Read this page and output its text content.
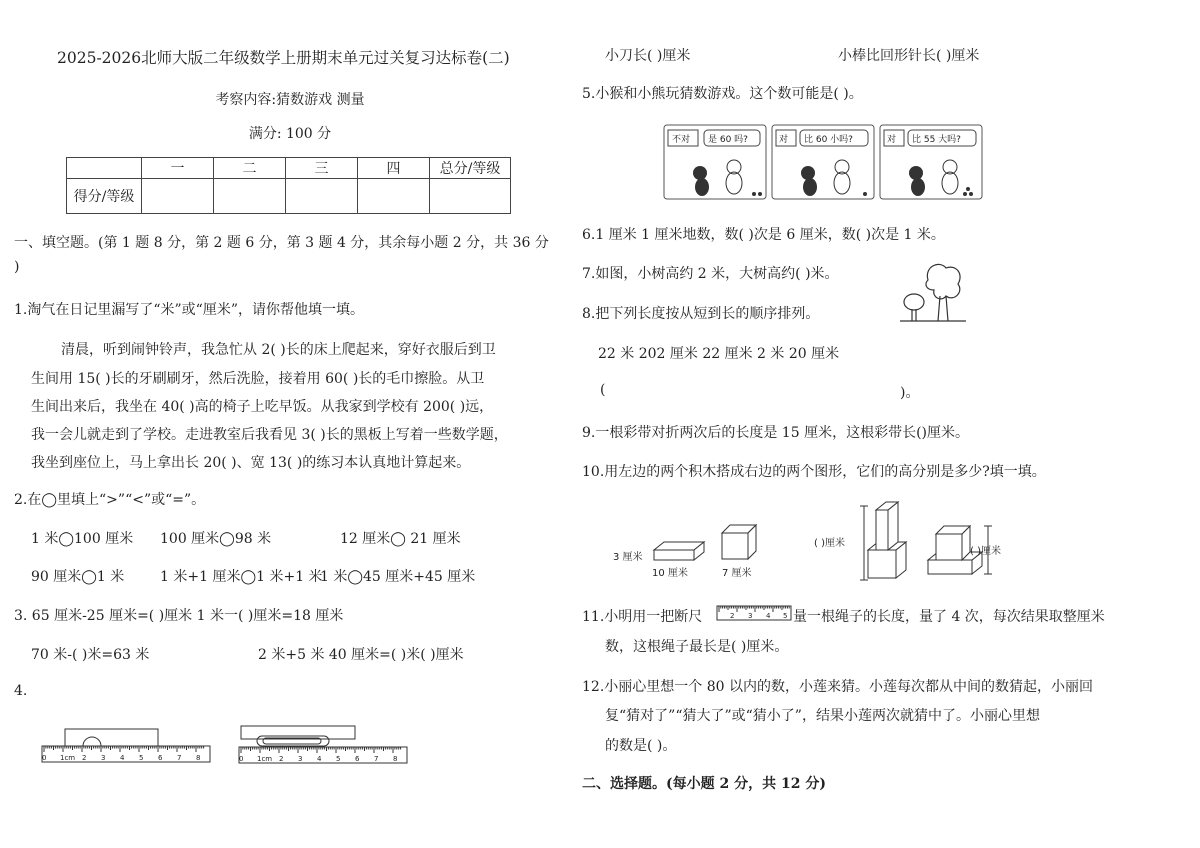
2025-2026北师大版二年级数学上册期末单元过关复习达标卷(二)
考察内容:猜数游戏 测量
满分: 100 分
	一	二	三	四	总分/等级
得分/等级					
一、填空题。(第 1 题 8 分，第 2 题 6 分，第 3 题 4 分，其余每小题 2 分，共 36 分
)
1.淘气在日记里漏写了“米”或“厘米”，请你帮他填一填。
清晨，听到闹钟铃声，我急忙从 2( )长的床上爬起来，穿好衣服后到卫
生间用 15( )长的牙刷刷牙，然后洗脸，接着用 60( )长的毛巾擦脸。从卫
生间出来后，我坐在 40( )高的椅子上吃早饭。从我家到学校有 200( )远，
我一会儿就走到了学校。走进教室后我看见 3( )长的黑板上写着一些数学题，
我坐到座位上，马上拿出长 20( )、宽 13( )的练习本认真地计算起来。
2.在◯里填上“>”“<”或“=”。
1 米◯100 厘米 100 厘米◯98 米	12 厘米◯ 21 厘米
90 厘米◯1 米	1 米+1 厘米◯1 米+1 米
1 米◯45 厘米+45 厘米
3. 65 厘米-25 厘米=( )厘米 1 米一( )厘米=18 厘米
70 米-( )米=63 米	2 米+5 米 40 厘米=( )米( )厘米
4.
0 1cm 2 3 4 5 6 7 8	0 1cm 2 3 4 5 6 7 8
小刀长( )厘米	小棒比回形针长( )厘米
5.小猴和小熊玩猜数游戏。这个数可能是( )。
不对 是 60 吗?	对 比 60 小吗?	对 比 55 大吗?
6.1 厘米 1 厘米地数，数( )次是 6 厘米，数( )次是 1 米。
7.如图，小树高约 2 米，大树高约( )米。
8.把下列长度按从短到长的顺序排列。
22 米 202 厘米 22 厘米 2 米 20 厘米
(	)。
9.一根彩带对折两次后的长度是 15 厘米，这根彩带长()厘米。
10.用左边的两个积木搭成右边的两个图形，它们的高分别是多少?填一填。
3 厘米
10 厘米	7 厘米
( )厘米
( )厘米
11.小明用一把断尺	2 3 4 5 量一根绳子的长度，量了 4 次，每次结果取整厘米
数，这根绳子最长是( )厘米。
12.小丽心里想一个 80 以内的数，小莲来猜。小莲每次都从中间的数猜起，小丽回
复“猜对了”“猜大了”或“猜小了”，结果小莲两次就猜中了。小丽心里想
的数是( )。
二、选择题。(每小题 2 分，共 12 分)
